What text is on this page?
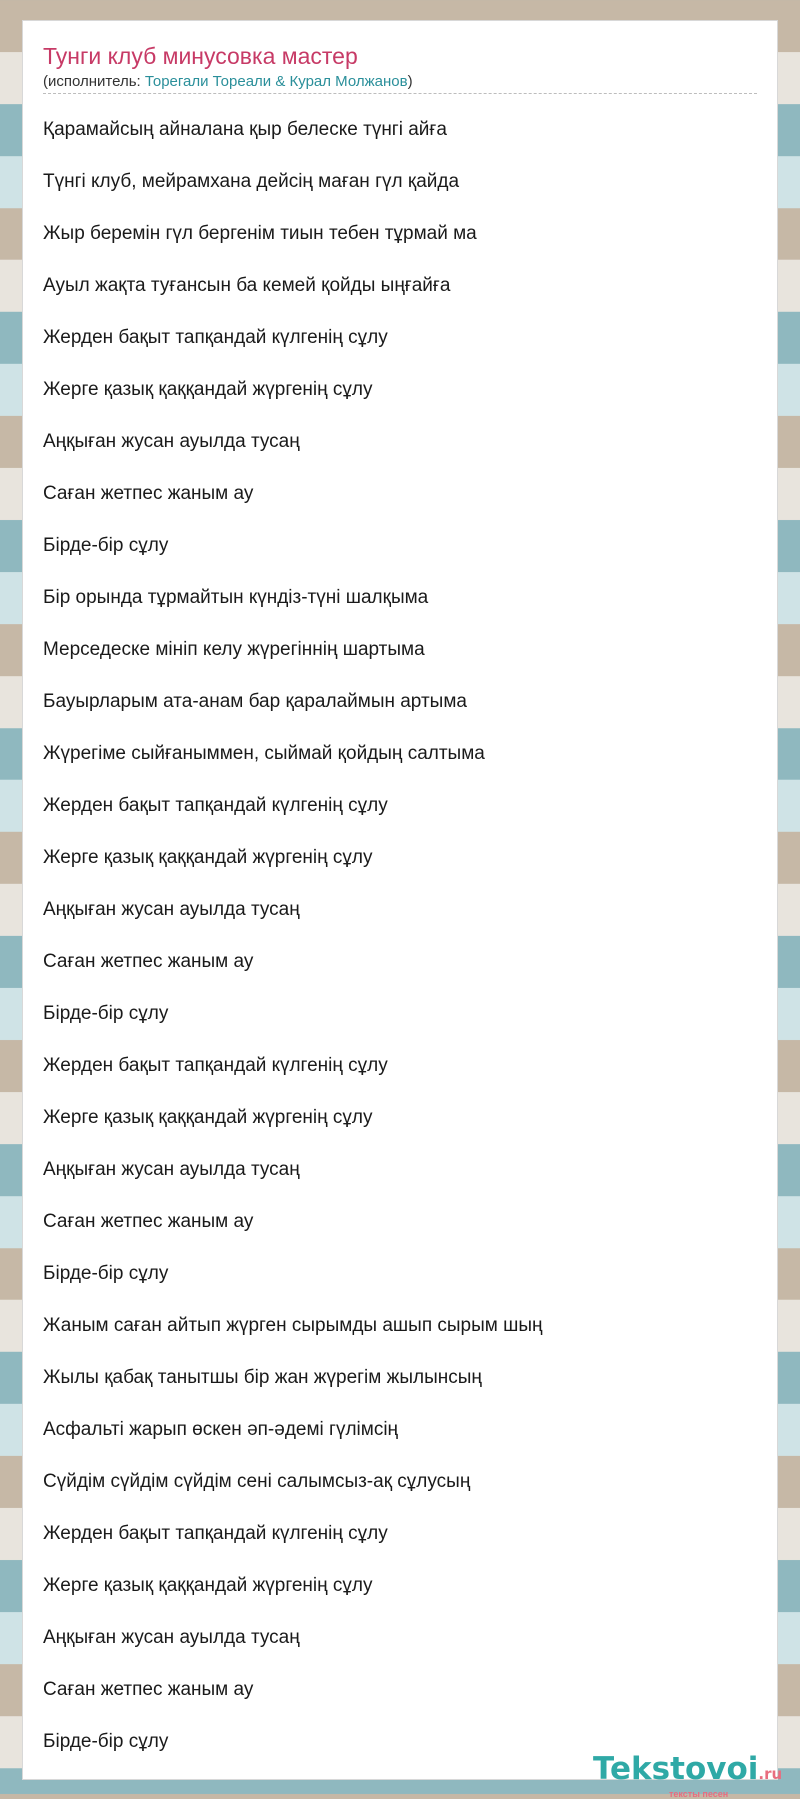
Тунги клуб минусовка мастер
(исполнитель: Торегали Тореали & Курал Молжанов)
Қарамайсың айналана қыр белеске түнгі айға
Түнгі клуб, мейрамхана дейсің маған гүл қайда
Жыр беремін гүл бергенім тиын тебен тұрмай ма
Ауыл жақта туғансын ба кемей қойды ыңғайға
Жерден бақыт тапқандай күлгенің сұлу
Жерге қазық қаққандай жүргенің сұлу
Аңқыған жусан ауылда тусаң
Саған жетпес жаным ау
Бірде-бір сұлу
Бір орында тұрмайтын күндіз-түні шалқыма
Мерседеске мініп келу жүрегіннің шартыма
Бауырларым ата-анам бар қаралаймын артыма
Жүрегіме сыйғаныммен, сыймай қойдың салтыма
Жерден бақыт тапқандай күлгенің сұлу
Жерге қазық қаққандай жүргенің сұлу
Аңқыған жусан ауылда тусаң
Саған жетпес жаным ау
Бірде-бір сұлу
Жерден бақыт тапқандай күлгенің сұлу
Жерге қазық қаққандай жүргенің сұлу
Аңқыған жусан ауылда тусаң
Саған жетпес жаным ау
Бірде-бір сұлу
Жаным саған айтып жүрген сырымды ашып сырым шың
Жылы қабақ танытшы бір жан жүрегім жылынсың
Асфальті жарып өскен әп-әдемі гүлімсің
Сүйдім сүйдім сүйдім сені салымсыз-ақ сұлусың
Жерден бақыт тапқандай күлгенің сұлу
Жерге қазық қаққандай жүргенің сұлу
Аңқыған жусан ауылда тусаң
Саған жетпес жаным ау
Бірде-бір сұлу
Tekstovoi.ru
тексты песен
